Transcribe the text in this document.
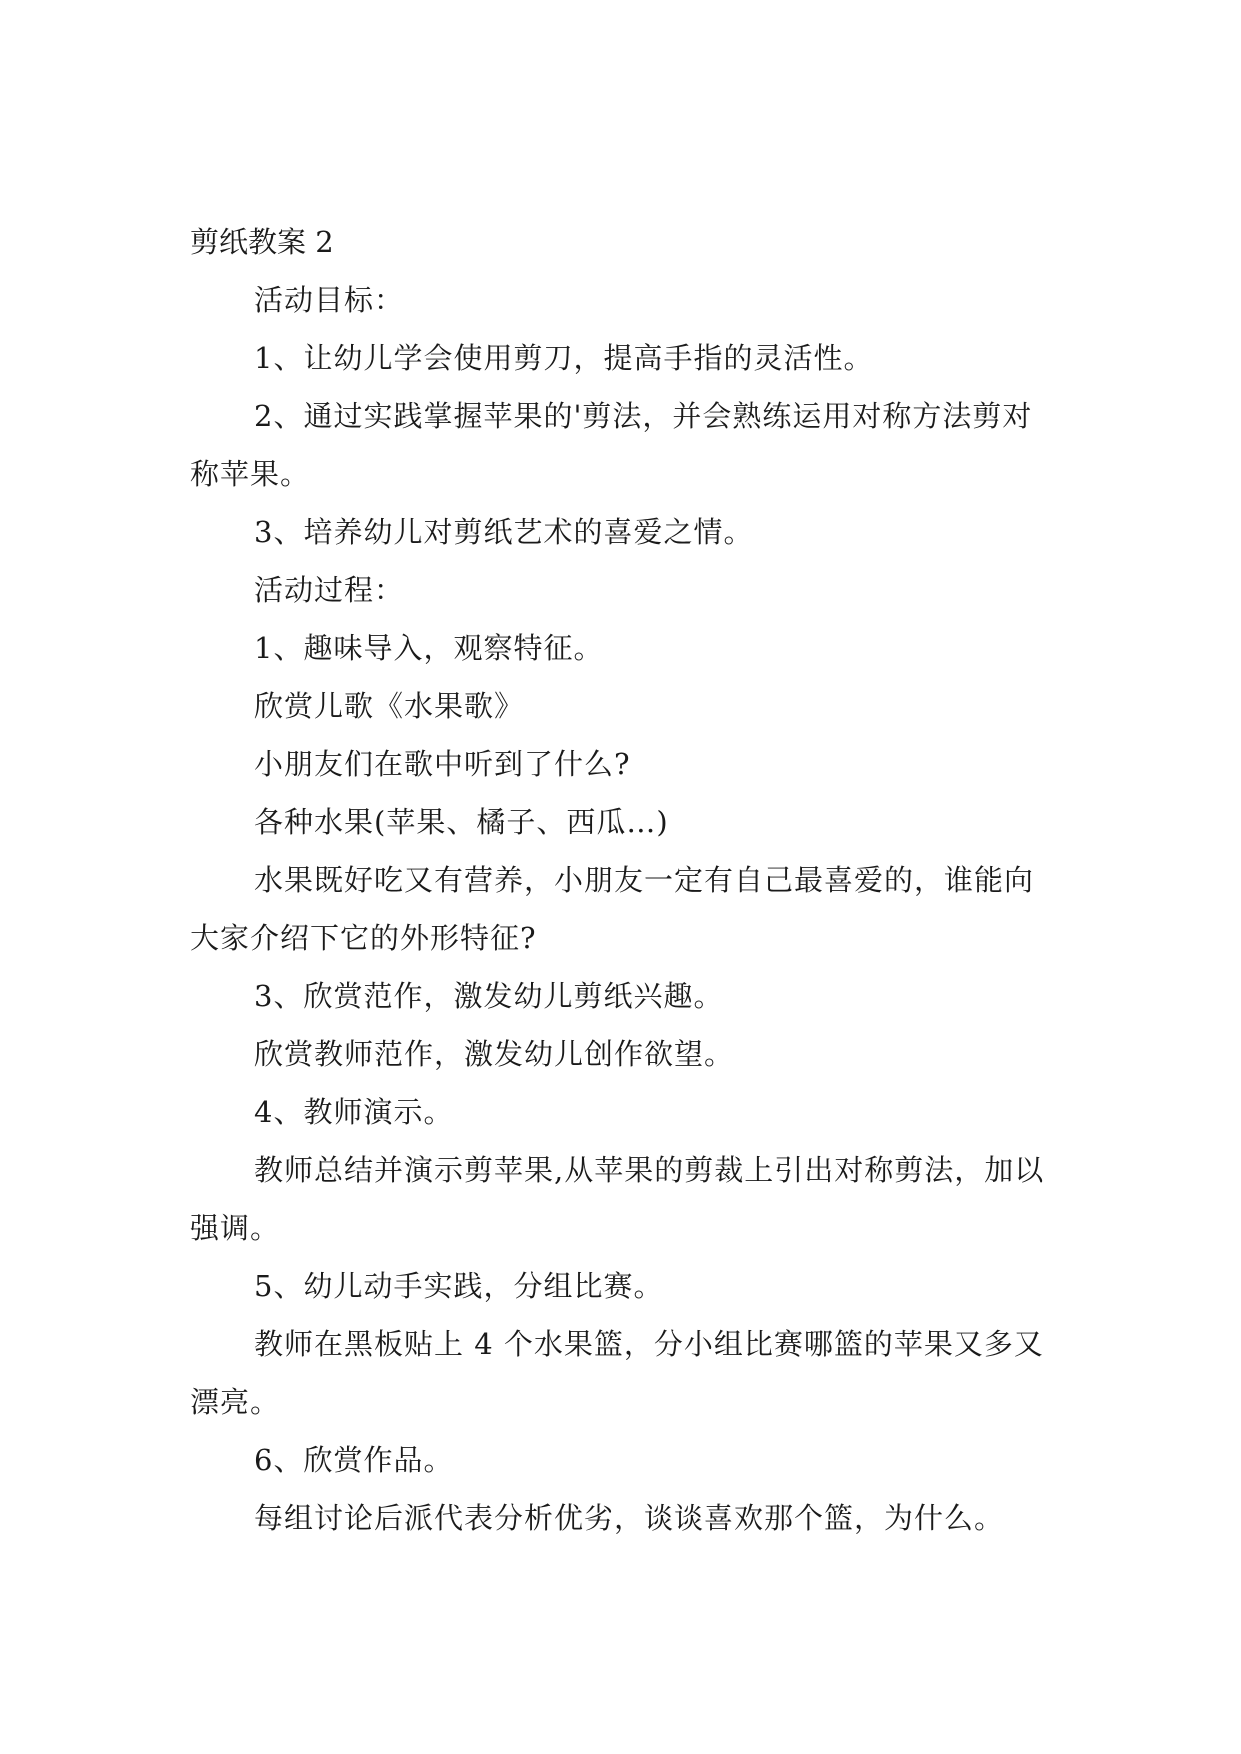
剪纸教案 2

活动目标：

1、让幼儿学会使用剪刀，提高手指的灵活性。

2、通过实践掌握苹果的'剪法，并会熟练运用对称方法剪对称苹果。

3、培养幼儿对剪纸艺术的喜爱之情。

活动过程：

1、趣味导入，观察特征。

欣赏儿歌《水果歌》

小朋友们在歌中听到了什么?

各种水果(苹果、橘子、西瓜…)

水果既好吃又有营养，小朋友一定有自己最喜爱的，谁能向大家介绍下它的外形特征?

3、欣赏范作，激发幼儿剪纸兴趣。

欣赏教师范作，激发幼儿创作欲望。

4、教师演示。

教师总结并演示剪苹果,从苹果的剪裁上引出对称剪法，加以强调。

5、幼儿动手实践，分组比赛。

教师在黑板贴上 4 个水果篮，分小组比赛哪篮的苹果又多又漂亮。

6、欣赏作品。

每组讨论后派代表分析优劣，谈谈喜欢那个篮，为什么。
